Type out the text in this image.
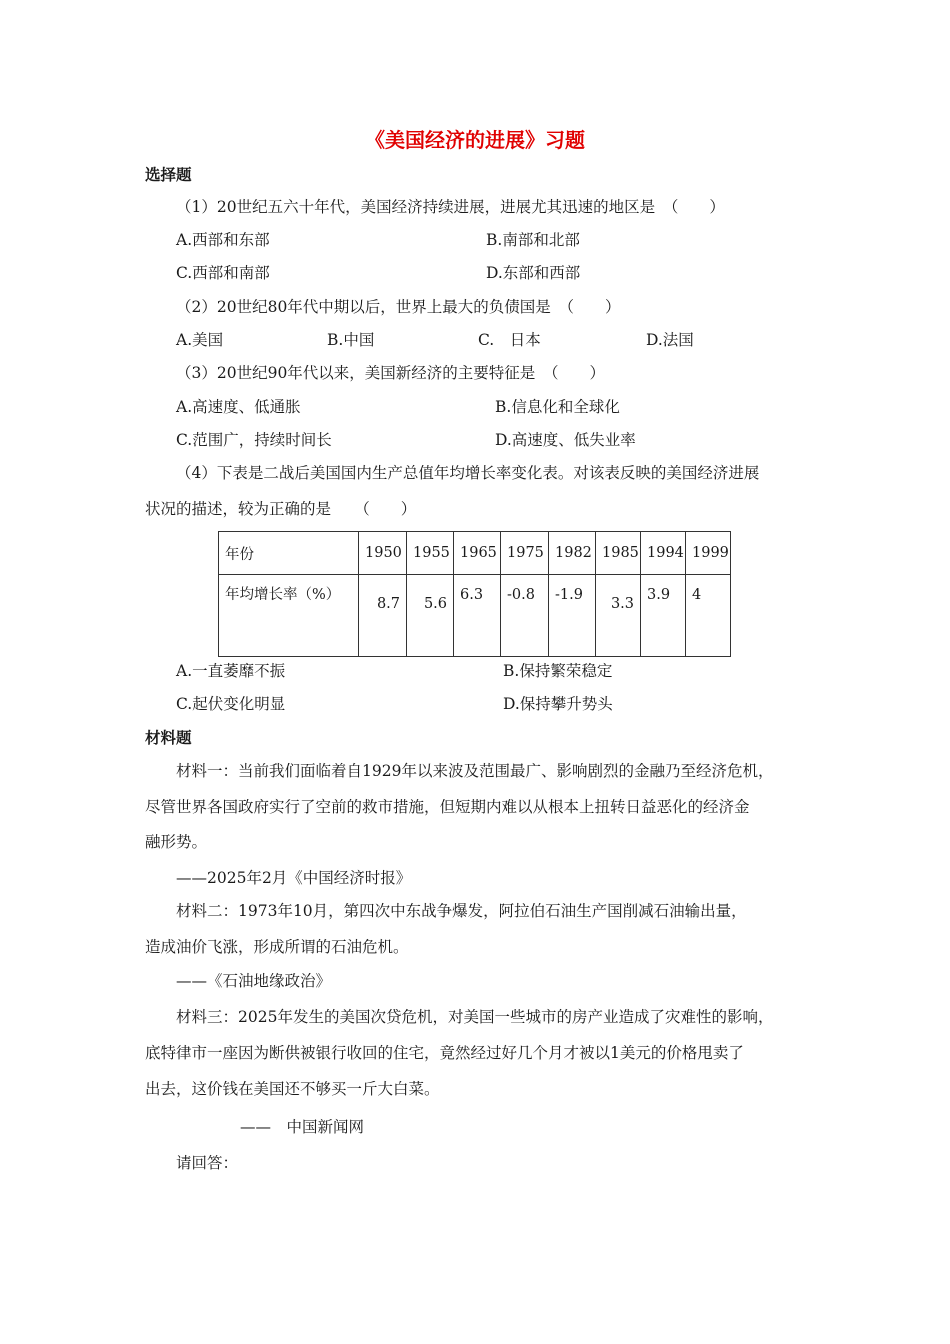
《美国经济的进展》习题
选择题
（1）20世纪五六十年代，美国经济持续进展，进展尤其迅速的地区是　（　　）
A.西部和东部	B.南部和北部
C.西部和南部	D.东部和西部
（2）20世纪80年代中期以后，世界上最大的负债国是　（　　）
A.美国	B.中国	C.　日本	D.法国
（3）20世纪90年代以来，美国新经济的主要特征是　（　　）
A.高速度、低通胀	B.信息化和全球化
C.范围广，持续时间长	D.高速度、低失业率
（4）下表是二战后美国国内生产总值年均增长率变化表。对该表反映的美国经济进展
状况的描述，较为正确的是　　（　　）
年份	1950	1955	1965	1975	1982	1985	1994	1999
年均增长率（%）	8.7	5.6	6.3	-0.8	-1.9	3.3	3.9	4
A.一直萎靡不振	B.保持繁荣稳定
C.起伏变化明显	D.保持攀升势头
材料题
材料一：当前我们面临着自1929年以来波及范围最广、影响剧烈的金融乃至经济危机，
尽管世界各国政府实行了空前的救市措施，但短期内难以从根本上扭转日益恶化的经济金
融形势。
——2025年2月《中国经济时报》
材料二：1973年10月，第四次中东战争爆发，阿拉伯石油生产国削减石油输出量，
造成油价飞涨，形成所谓的石油危机。
——《石油地缘政治》
材料三：2025年发生的美国次贷危机，对美国一些城市的房产业造成了灾难性的影响，
底特律市一座因为断供被银行收回的住宅，竟然经过好几个月才被以1美元的价格甩卖了
出去，这价钱在美国还不够买一斤大白菜。
——　中国新闻网
请回答：
